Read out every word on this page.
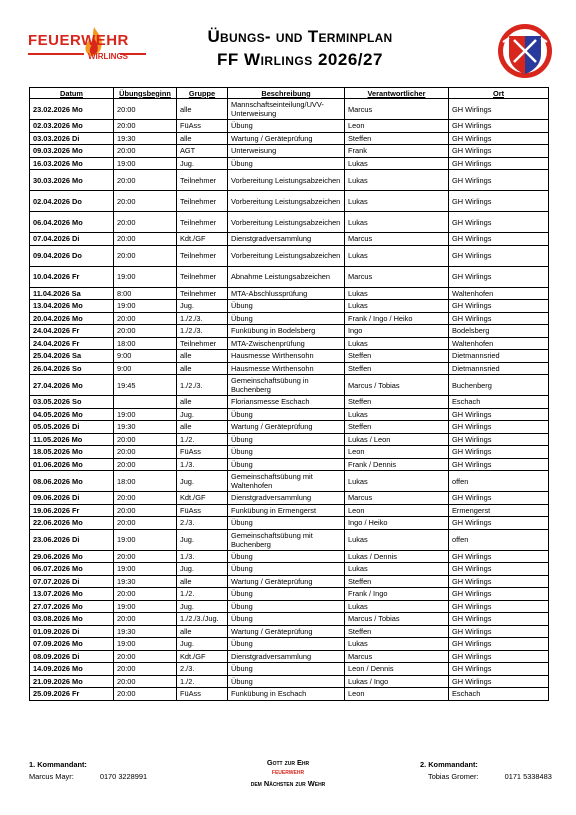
FEUERWEHR
WIRLINGS
Übungs- und Terminplan
FF Wirlings 2026/27
Datum	Übungsbeginn	Gruppe	Beschreibung	Verantwortlicher	Ort
23.02.2026 Mo	20:00	alle	Mannschaftseinteilung/UVV-Unterweisung	Marcus	GH Wirlings
02.03.2026 Mo	20:00	FüAss	Übung	Leon	GH Wirlings
03.03.2026 Di	19:30	alle	Wartung / Geräteprüfung	Steffen	GH Wirlings
09.03.2026 Mo	20:00	AGT	Unterweisung	Frank	GH Wirlings
16.03.2026 Mo	19:00	Jug.	Übung	Lukas	GH Wirlings
30.03.2026 Mo	20:00	Teilnehmer	Vorbereitung Leistungsabzeichen	Lukas	GH Wirlings
02.04.2026 Do	20:00	Teilnehmer	Vorbereitung Leistungsabzeichen	Lukas	GH Wirlings
06.04.2026 Mo	20:00	Teilnehmer	Vorbereitung Leistungsabzeichen	Lukas	GH Wirlings
07.04.2026 Di	20:00	Kdt./GF	Dienstgradversammlung	Marcus	GH Wirlings
09.04.2026 Do	20:00	Teilnehmer	Vorbereitung Leistungsabzeichen	Lukas	GH Wirlings
10.04.2026 Fr	19:00	Teilnehmer	Abnahme Leistungsabzeichen	Marcus	GH Wirlings
11.04.2026 Sa	8:00	Teilnehmer	MTA-Abschlussprüfung	Lukas	Waltenhofen
13.04.2026 Mo	19:00	Jug.	Übung	Lukas	GH Wirlings
20.04.2026 Mo	20:00	1./2./3.	Übung	Frank / Ingo / Heiko	GH Wirlings
24.04.2026 Fr	20:00	1./2./3.	Funkübung in Bodelsberg	Ingo	Bodelsberg
24.04.2026 Fr	18:00	Teilnehmer	MTA-Zwischenprüfung	Lukas	Waltenhofen
25.04.2026 Sa	9:00	alle	Hausmesse Wirthensohn	Steffen	Dietmannsried
26.04.2026 So	9:00	alle	Hausmesse Wirthensohn	Steffen	Dietmannsried
27.04.2026 Mo	19:45	1./2./3.	Gemeinschaftsübung in Buchenberg	Marcus / Tobias	Buchenberg
03.05.2026 So		alle	Floriansmesse Eschach	Steffen	Eschach
04.05.2026 Mo	19:00	Jug.	Übung	Lukas	GH Wirlings
05.05.2026 Di	19:30	alle	Wartung / Geräteprüfung	Steffen	GH Wirlings
11.05.2026 Mo	20:00	1./2.	Übung	Lukas / Leon	GH Wirlings
18.05.2026 Mo	20:00	FüAss	Übung	Leon	GH Wirlings
01.06.2026 Mo	20:00	1./3.	Übung	Frank / Dennis	GH Wirlings
08.06.2026 Mo	18:00	Jug.	Gemeinschaftsübung mit Waltenhofen	Lukas	offen
09.06.2026 Di	20:00	Kdt./GF	Dienstgradversammlung	Marcus	GH Wirlings
19.06.2026 Fr	20:00	FüAss	Funkübung in Ermengerst	Leon	Ermengerst
22.06.2026 Mo	20:00	2./3.	Übung	Ingo / Heiko	GH Wirlings
23.06.2026 Di	19:00	Jug.	Gemeinschaftsübung mit Buchenberg	Lukas	offen
29.06.2026 Mo	20:00	1./3.	Übung	Lukas / Dennis	GH Wirlings
06.07.2026 Mo	19:00	Jug.	Übung	Lukas	GH Wirlings
07.07.2026 Di	19:30	alle	Wartung / Geräteprüfung	Steffen	GH Wirlings
13.07.2026 Mo	20:00	1./2.	Übung	Frank / Ingo	GH Wirlings
27.07.2026 Mo	19:00	Jug.	Übung	Lukas	GH Wirlings
03.08.2026 Mo	20:00	1./2./3./Jug.	Übung	Marcus / Tobias	GH Wirlings
01.09.2026 Di	19:30	alle	Wartung / Geräteprüfung	Steffen	GH Wirlings
07.09.2026 Mo	19:00	Jug.	Übung	Lukas	GH Wirlings
08.09.2026 Di	20:00	Kdt./GF	Dienstgradversammlung	Marcus	GH Wirlings
14.09.2026 Mo	20:00	2./3.	Übung	Leon / Dennis	GH Wirlings
21.09.2026 Mo	20:00	1./2.	Übung	Lukas / Ingo	GH Wirlings
25.09.2026 Fr	20:00	FüAss	Funkübung in Eschach	Leon	Eschach
1. Kommandant:
Marcus Mayr:	0170 3228991
Gott zur Ehr
FEUERWEHR
dem Nächsten zur Wehr
2. Kommandant:
Tobias Gromer:	0171 5338483
